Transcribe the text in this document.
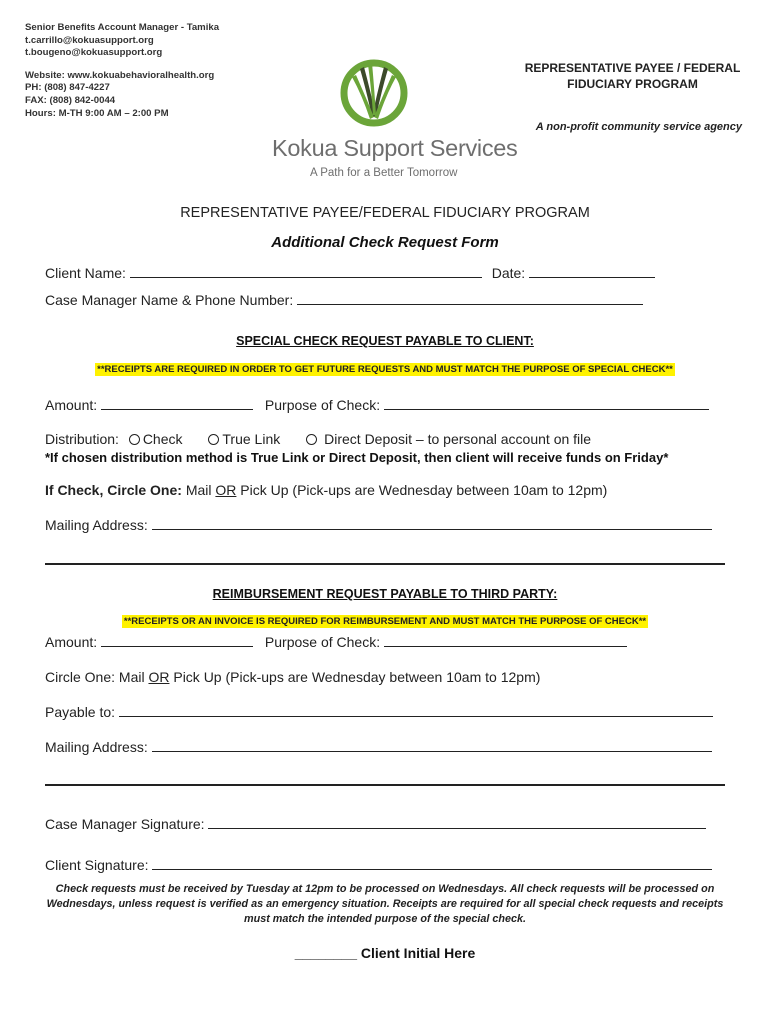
Senior Benefits Account Manager - Tamika
t.carrillo@kokuasupport.org
t.bougeno@kokuasupport.org
Website: www.kokuabehavioralhealth.org
PH: (808) 847-4227
FAX: (808) 842-0044
Hours: M-TH 9:00 AM – 2:00 PM
Kokua Support Services
A Path for a Better Tomorrow
REPRESENTATIVE PAYEE / FEDERAL
FIDUCIARY PROGRAM
A non-profit community service agency
REPRESENTATIVE PAYEE/FEDERAL FIDUCIARY PROGRAM
Additional Check Request Form
Client Name:	Date:
Case Manager Name & Phone Number:
SPECIAL CHECK REQUEST PAYABLE TO CLIENT:
**RECEIPTS ARE REQUIRED IN ORDER TO GET FUTURE REQUESTS AND MUST MATCH THE PURPOSE OF SPECIAL CHECK**
Amount:	Purpose of Check:
Distribution: Check	True Link	Direct Deposit – to personal account on file
*If chosen distribution method is True Link or Direct Deposit, then client will receive funds on Friday*
If Check, Circle One: Mail OR Pick Up (Pick-ups are Wednesday between 10am to 12pm)
Mailing Address:
REIMBURSEMENT REQUEST PAYABLE TO THIRD PARTY:
**RECEIPTS OR AN INVOICE IS REQUIRED FOR REIMBURSEMENT AND MUST MATCH THE PURPOSE OF CHECK**
Amount:	Purpose of Check:
Circle One: Mail OR Pick Up (Pick-ups are Wednesday between 10am to 12pm)
Payable to:
Mailing Address:
Case Manager Signature:
Client Signature:
Check requests must be received by Tuesday at 12pm to be processed on Wednesdays. All check requests will be processed on Wednesdays, unless request is verified as an emergency situation. Receipts are required for all special check requests and receipts must match the intended purpose of the special check.
________ Client Initial Here
